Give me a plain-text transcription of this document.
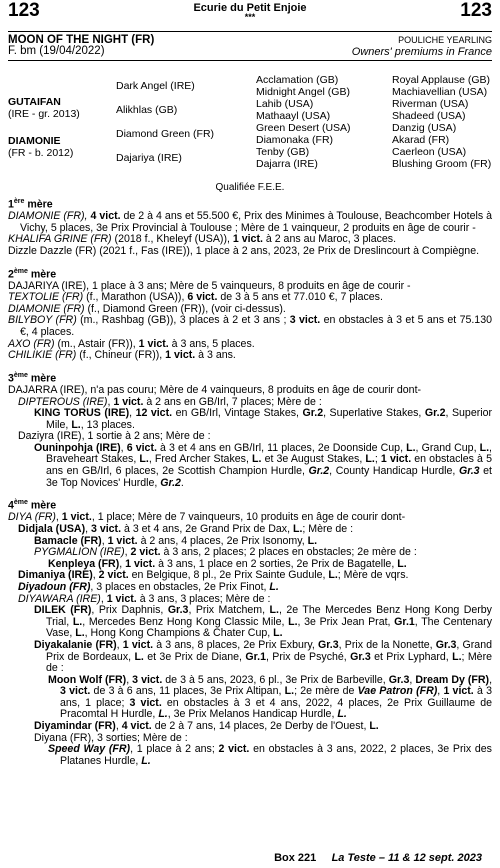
123	123
Ecurie du Petit Enjoie
***
MOON OF THE NIGHT (FR)	POULICHE YEARLING
F. bm (19/04/2022)	Owners' premiums in France
GUTAIFAN
(IRE - gr. 2013)
DIAMONIE
(FR - b. 2012)
Dark Angel (IRE)
Alikhlas (GB)
Diamond Green (FR)
Dajariya (IRE)
Acclamation (GB)
Midnight Angel (GB)
Lahib (USA)
Mathaayl (USA)
Green Desert (USA)
Diamonaka (FR)
Tenby (GB)
Dajarra (IRE)
Royal Applause (GB)
Machiavellian (USA)
Riverman (USA)
Shadeed (USA)
Danzig (USA)
Akarad (FR)
Caerleon (USA)
Blushing Groom (FR)
Qualifiée F.E.E.
1ère mère
DIAMONIE (FR), 4 vict. de 2 à 4 ans et 55.500 €, Prix des Minimes à Toulouse, Beachcomber Hotels à Vichy, 5 places, 3e Prix Provincial à Toulouse ; Mère de 1 vainqueur, 2 produits en âge de courir -
KHALIFA GRINE (FR) (2018 f., Kheleyf (USA)), 1 vict. à 2 ans au Maroc, 3 places.
Dizzle Dazzle (FR) (2021 f., Fas (IRE)), 1 place à 2 ans, 2023, 2e Prix de Dreslincourt à Compiègne.
2ème mère
DAJARIYA (IRE), 1 place à 3 ans; Mère de 5 vainqueurs, 8 produits en âge de courir -
TEXTOLIE (FR) (f., Marathon (USA)), 6 vict. de 3 à 5 ans et 77.010 €, 7 places.
DIAMONIE (FR) (f., Diamond Green (FR)), (voir ci-dessus).
BILYBOY (FR) (m., Rashbag (GB)), 3 places à 2 et 3 ans ; 3 vict. en obstacles à 3 et 5 ans et 75.130 €, 4 places.
AXO (FR) (m., Astair (FR)), 1 vict. à 3 ans, 5 places.
CHILIKIE (FR) (f., Chineur (FR)), 1 vict. à 3 ans.
3ème mère
DAJARRA (IRE), n'a pas couru; Mère de 4 vainqueurs, 8 produits en âge de courir dont-
DIPTEROUS (IRE), 1 vict. à 2 ans en GB/Irl, 7 places; Mère de :
KING TORUS (IRE), 12 vict. en GB/Irl, Vintage Stakes, Gr.2, Superlative Stakes, Gr.2, Superior Mile, L., 13 places.
Daziyra (IRE), 1 sortie à 2 ans; Mère de :
Ouninpohja (IRE), 6 vict. à 3 et 4 ans en GB/Irl, 11 places, 2e Doonside Cup, L., Grand Cup, L., Braveheart Stakes, L., Fred Archer Stakes, L. et 3e August Stakes, L.; 1 vict. en obstacles à 5 ans en GB/Irl, 6 places, 2e Scottish Champion Hurdle, Gr.2, County Handicap Hurdle, Gr.3 et 3e Top Novices' Hurdle, Gr.2.
4ème mère
DIYA (FR), 1 vict., 1 place; Mère de 7 vainqueurs, 10 produits en âge de courir dont-
Didjala (USA), 3 vict. à 3 et 4 ans, 2e Grand Prix de Dax, L.; Mère de :
Bamacle (FR), 1 vict. à 2 ans, 4 places, 2e Prix Isonomy, L.
PYGMALION (IRE), 2 vict. à 3 ans, 2 places; 2 places en obstacles; 2e mère de :
Kenpleya (FR), 1 vict. à 3 ans, 1 place en 2 sorties, 2e Prix de Bagatelle, L.
Dimaniya (IRE), 2 vict. en Belgique, 8 pl., 2e Prix Sainte Gudule, L.; Mère de vqrs.
Diyadoun (FR), 3 places en obstacles, 2e Prix Finot, L.
DIYAWARA (IRE), 1 vict. à 3 ans, 3 places; Mère de :
DILEK (FR), Prix Daphnis, Gr.3, Prix Matchem, L., 2e The Mercedes Benz Hong Kong Derby Trial, L., Mercedes Benz Hong Kong Classic Mile, L., 3e Prix Jean Prat, Gr.1, The Centenary Vase, L., Hong Kong Champions & Chater Cup, L.
Diyakalanie (FR), 1 vict. à 3 ans, 8 places, 2e Prix Exbury, Gr.3, Prix de la Nonette, Gr.3, Grand Prix de Bordeaux, L. et 3e Prix de Diane, Gr.1, Prix de Psyché, Gr.3 et Prix Lyphard, L.; Mère de :
Moon Wolf (FR), 3 vict. de 3 à 5 ans, 2023, 6 pl., 3e Prix de Barbeville, Gr.3, Dream Dy (FR), 3 vict. de 3 à 6 ans, 11 places, 3e Prix Altipan, L.; 2e mère de Vae Patron (FR), 1 vict. à 3 ans, 1 place; 3 vict. en obstacles à 3 et 4 ans, 2022, 4 places, 2e Prix Guillaume de Pracomtal H Hurdle, L., 3e Prix Melanos Handicap Hurdle, L.
Diyamindar (FR), 4 vict. de 2 à 7 ans, 14 places, 2e Derby de l'Ouest, L.
Diyana (FR), 3 sorties; Mère de :
Speed Way (FR), 1 place à 2 ans; 2 vict. en obstacles à 3 ans, 2022, 2 places, 3e Prix des Platanes Hurdle, L.
Box 221 La Teste – 11 & 12 sept. 2023
